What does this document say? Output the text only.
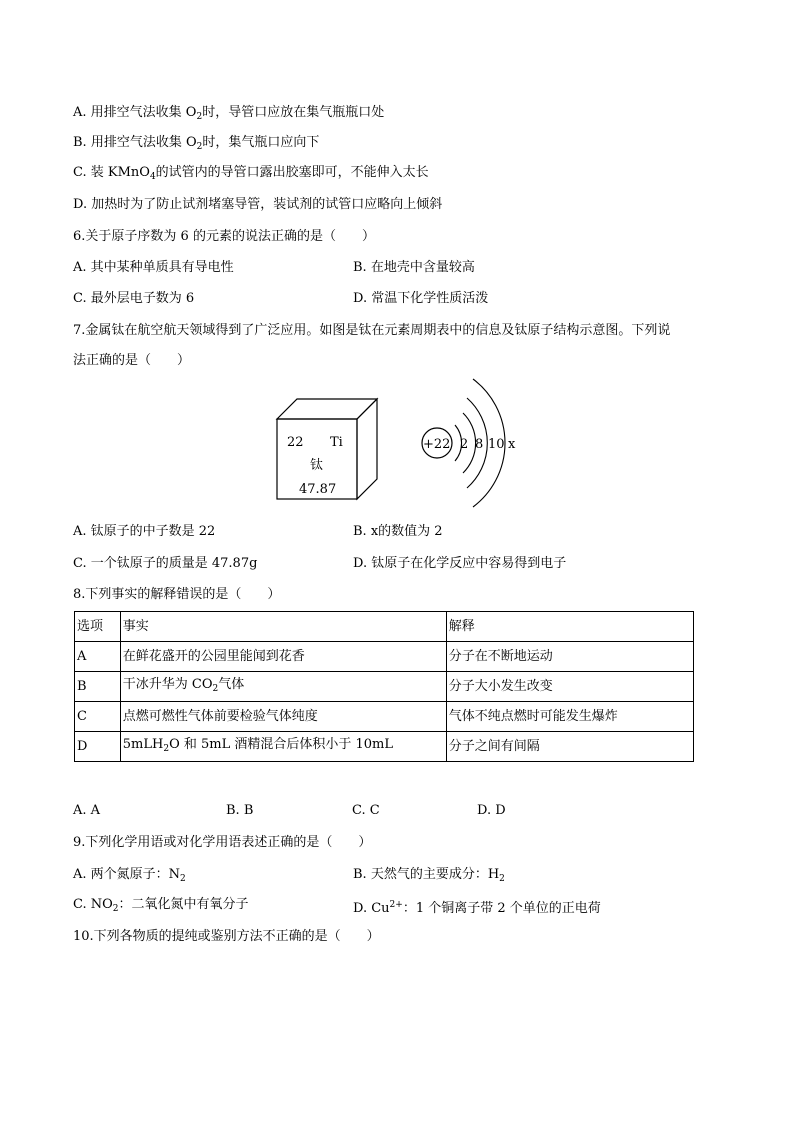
A. 用排空气法收集 $O_2$时，导管口应放在集气瓶瓶口处
B. 用排空气法收集 $O_2$时，集气瓶口应向下
C. 装 KMnO$_4$的试管内的导管口露出胶塞即可，不能伸入太长
D. 加热时为了防止试剂堵塞导管，装试剂的试管口应略向上倾斜
6.关于原子序数为 6 的元素的说法正确的是（　　）
A. 其中某种单质具有导电性	B. 在地壳中含量较高
C. 最外层电子数为 6	D. 常温下化学性质活泼
7.金属钛在航空航天领域得到了广泛应用。如图是钛在元素周期表中的信息及钛原子结构示意图。下列说
法正确的是（　　）
22 Ti
钛
47.87
+22 2 8 10 x
A. 钛原子的中子数是 22	B. x的数值为 2
C. 一个钛原子的质量是 47.87g	D. 钛原子在化学反应中容易得到电子
8.下列事实的解释错误的是（　　）
选项	事实	解释
A	在鲜花盛开的公园里能闻到花香	分子在不断地运动
B	干冰升华为 $CO_2$气体	分子大小发生改变
C	点燃可燃性气体前要检验气体纯度	气体不纯点燃时可能发生爆炸
D	5mLH$_2$O 和 5mL 酒精混合后体积小于 10mL	分子之间有间隔
A. A	B. B	C. C	D. D
9.下列化学用语或对化学用语表述正确的是（　　）
A. 两个氮原子：$N_2$	B. 天然气的主要成分：$H_2$
C. $NO_2$：二氧化氮中有氧分子	D. $Cu^{2+}$：1 个铜离子带 2 个单位的正电荷
10.下列各物质的提纯或鉴别方法不正确的是（　　）
